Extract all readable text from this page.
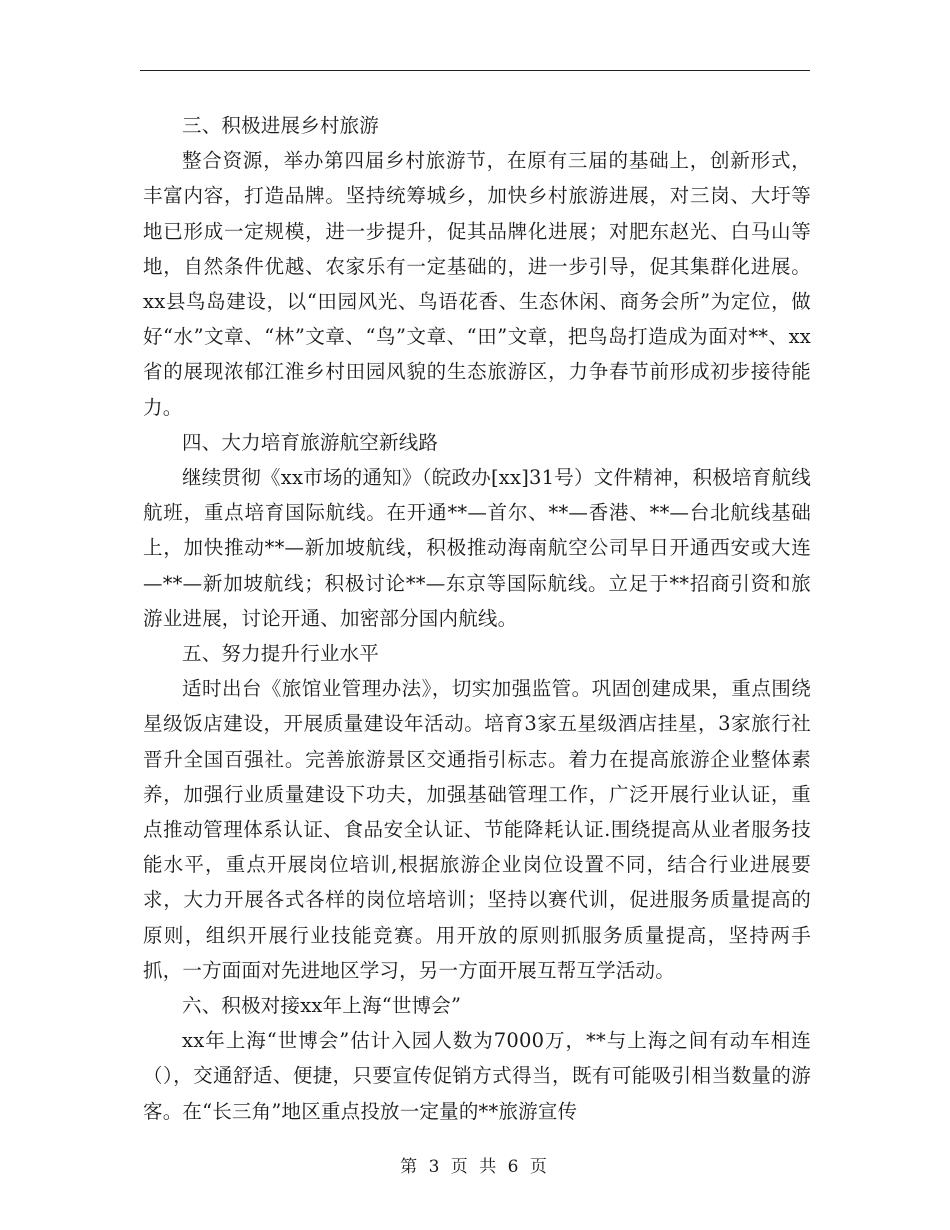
三、积极进展乡村旅游

整合资源，举办第四届乡村旅游节，在原有三届的基础上，创新形式，丰富内容，打造品牌。坚持统筹城乡，加快乡村旅游进展，对三岗、大圩等地已形成一定规模，进一步提升，促其品牌化进展；对肥东赵光、白马山等地，自然条件优越、农家乐有一定基础的，进一步引导，促其集群化进展。xx县鸟岛建设，以“田园风光、鸟语花香、生态休闲、商务会所”为定位，做好“水”文章、“林”文章、“鸟”文章、“田”文章，把鸟岛打造成为面对**、xx省的展现浓郁江淮乡村田园风貌的生态旅游区，力争春节前形成初步接待能力。

四、大力培育旅游航空新线路

继续贯彻《xx市场的通知》（皖政办[xx]31号）文件精神，积极培育航线航班，重点培育国际航线。在开通**—首尔、**—香港、**—台北航线基础上，加快推动**—新加坡航线，积极推动海南航空公司早日开通西安或大连—**—新加坡航线；积极讨论**—东京等国际航线。立足于**招商引资和旅游业进展，讨论开通、加密部分国内航线。

五、努力提升行业水平

适时出台《旅馆业管理办法》，切实加强监管。巩固创建成果，重点围绕星级饭店建设，开展质量建设年活动。培育3家五星级酒店挂星，3家旅行社晋升全国百强社。完善旅游景区交通指引标志。着力在提高旅游企业整体素养，加强行业质量建设下功夫，加强基础管理工作，广泛开展行业认证，重点推动管理体系认证、食品安全认证、节能降耗认证.围绕提高从业者服务技能水平，重点开展岗位培训,根据旅游企业岗位设置不同，结合行业进展要求，大力开展各式各样的岗位培培训；坚持以赛代训，促进服务质量提高的原则，组织开展行业技能竞赛。用开放的原则抓服务质量提高，坚持两手抓，一方面面对先进地区学习，另一方面开展互帮互学活动。

六、积极对接xx年上海“世博会”

xx年上海“世博会”估计入园人数为7000万，**与上海之间有动车相连（），交通舒适、便捷，只要宣传促销方式得当，既有可能吸引相当数量的游客。在“长三角”地区重点投放一定量的**旅游宣传

第 3 页 共 6 页
